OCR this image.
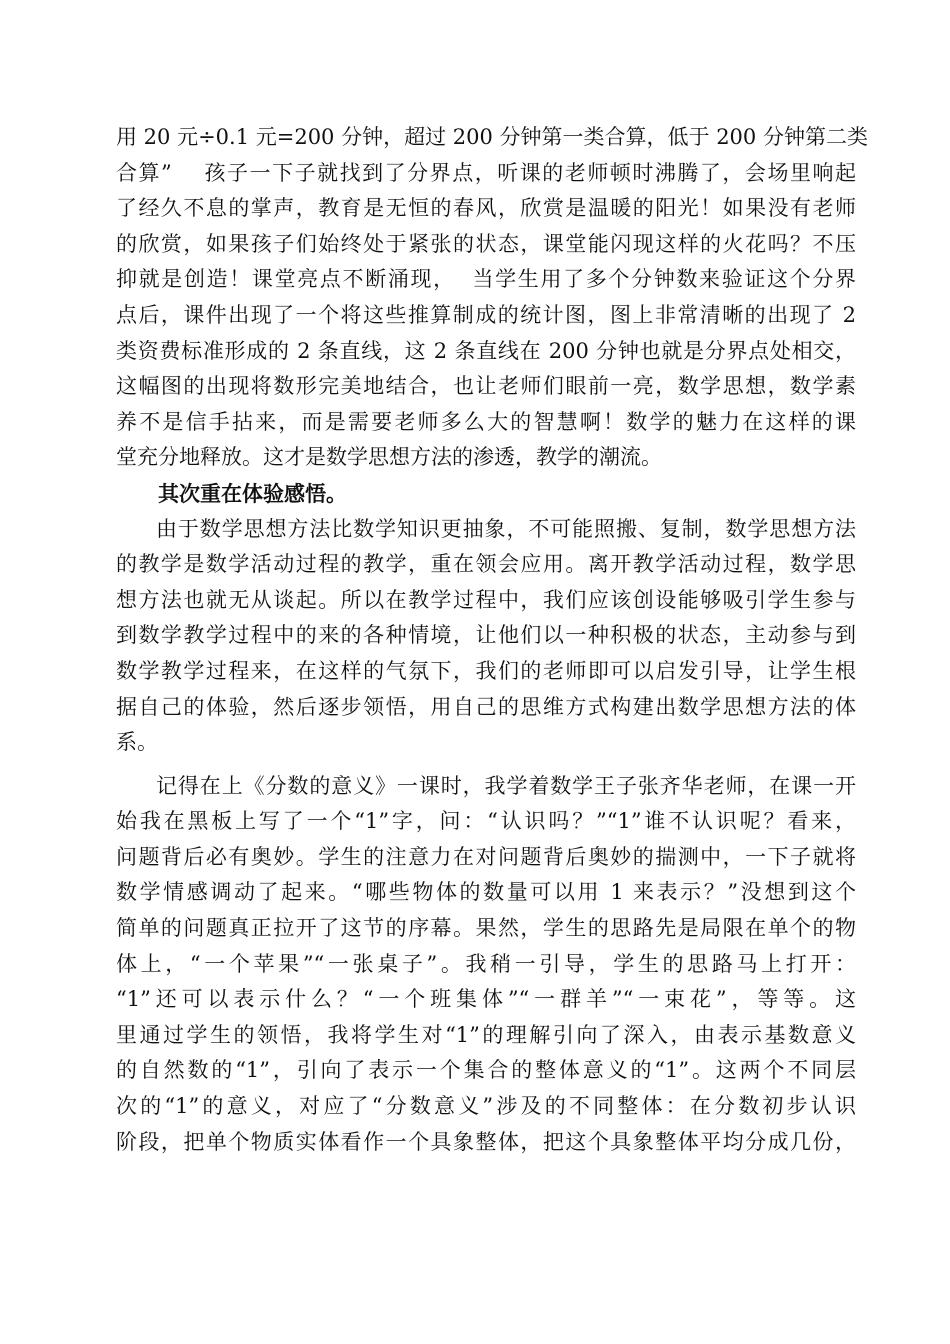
用 20 元÷0.1 元=200 分钟，超过 200 分钟第一类合算，低于 200 分钟第二类
合算”    孩子一下子就找到了分界点，听课的老师顿时沸腾了，会场里响起
了经久不息的掌声，教育是无恒的春风，欣赏是温暖的阳光！如果没有老师
的欣赏，如果孩子们始终处于紧张的状态，课堂能闪现这样的火花吗？不压
抑就是创造！课堂亮点不断涌现，  当学生用了多个分钟数来验证这个分界
点后，课件出现了一个将这些推算制成的统计图，图上非常清晰的出现了 2
类资费标准形成的 2 条直线，这 2 条直线在 200 分钟也就是分界点处相交，
这幅图的出现将数形完美地结合，也让老师们眼前一亮，数学思想，数学素
养不是信手拈来，而是需要老师多么大的智慧啊！数学的魅力在这样的课
堂充分地释放。这才是数学思想方法的渗透，教学的潮流。
其次重在体验感悟。
由于数学思想方法比数学知识更抽象，不可能照搬、复制，数学思想方法
的教学是数学活动过程的教学，重在领会应用。离开教学活动过程，数学思
想方法也就无从谈起。所以在教学过程中，我们应该创设能够吸引学生参与
到数学教学过程中的来的各种情境，让他们以一种积极的状态，主动参与到
数学教学过程来，在这样的气氛下，我们的老师即可以启发引导，让学生根
据自己的体验，然后逐步领悟，用自己的思维方式构建出数学思想方法的体
系。
记得在上《分数的意义》一课时，我学着数学王子张齐华老师，在课一开
始我在黑板上写了一个“1”字，问：“认识吗？”“1”谁不认识呢？看来，
问题背后必有奥妙。学生的注意力在对问题背后奥妙的揣测中，一下子就将
数学情感调动了起来。“哪些物体的数量可以用 1 来表示？”没想到这个
简单的问题真正拉开了这节的序幕。果然，学生的思路先是局限在单个的物
体上，“一个苹果”“一张桌子”。我稍一引导，学生的思路马上打开：
“1”还可以表示什么？“一个班集体”“一群羊”“一束花”，等等。这
里通过学生的领悟，我将学生对“1”的理解引向了深入，由表示基数意义
的自然数的“1”，引向了表示一个集合的整体意义的“1”。这两个不同层
次的“1”的意义，对应了“分数意义”涉及的不同整体：在分数初步认识
阶段，把单个物质实体看作一个具象整体，把这个具象整体平均分成几份，
